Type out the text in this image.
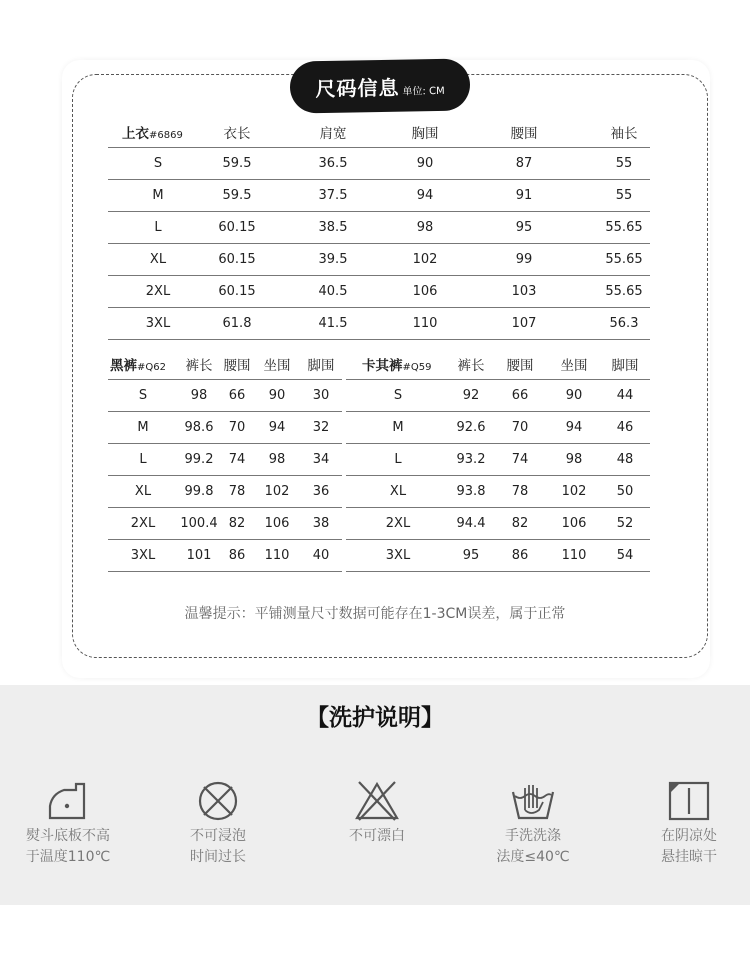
尺码信息 单位: CM
上衣#6869	衣长	肩宽	胸围	腰围	袖长
S	59.5	36.5	90	87	55
M	59.5	37.5	94	91	55
L	60.15	38.5	98	95	55.65
XL	60.15	39.5	102	99	55.65
2XL	60.15	40.5	106	103	55.65
3XL	61.8	41.5	110	107	56.3
黑裤#Q62	裤长	腰围	坐围	脚围
S	98	66	90	30
M	98.6	70	94	32
L	99.2	74	98	34
XL	99.8	78	102	36
2XL	100.4	82	106	38
3XL	101	86	110	40
卡其裤#Q59	裤长	腰围	坐围	脚围
S	92	66	90	44
M	92.6	70	94	46
L	93.2	74	98	48
XL	93.8	78	102	50
2XL	94.4	82	106	52
3XL	95	86	110	54
温馨提示：平铺测量尺寸数据可能存在1-3CM误差，属于正常
【洗护说明】
熨斗底板不高
于温度110℃
不可浸泡
时间过长
不可漂白	手洗洗涤
法度≤40℃
在阴凉处
悬挂晾干
